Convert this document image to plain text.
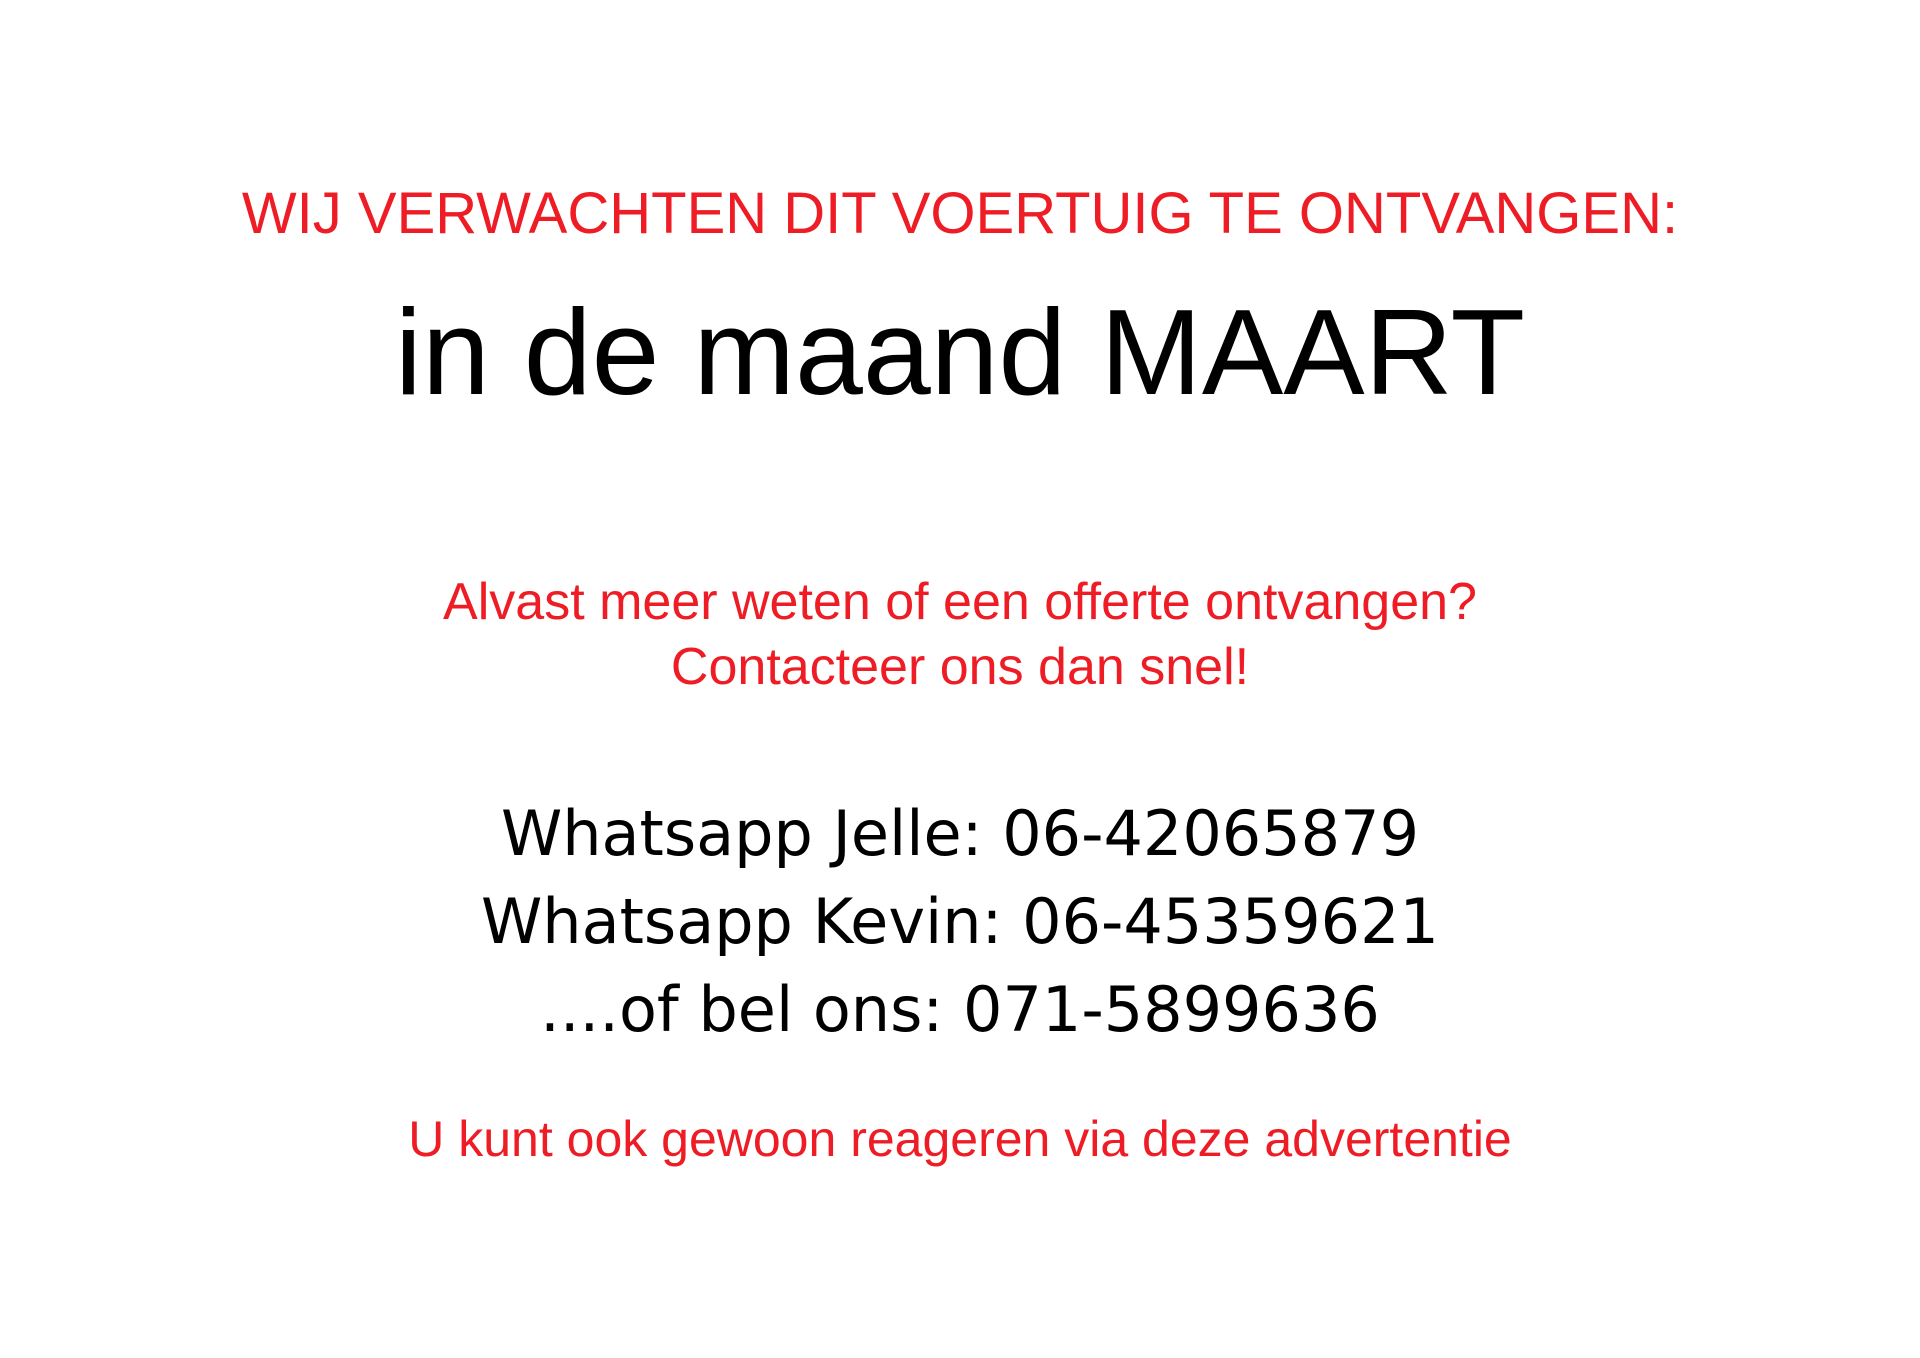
WIJ VERWACHTEN DIT VOERTUIG TE ONTVANGEN:
in de maand MAART
Alvast meer weten of een offerte ontvangen?
Contacteer ons dan snel!
Whatsapp Jelle: 06-42065879
Whatsapp Kevin: 06-45359621
....of bel ons: 071-5899636
U kunt ook gewoon reageren via deze advertentie
